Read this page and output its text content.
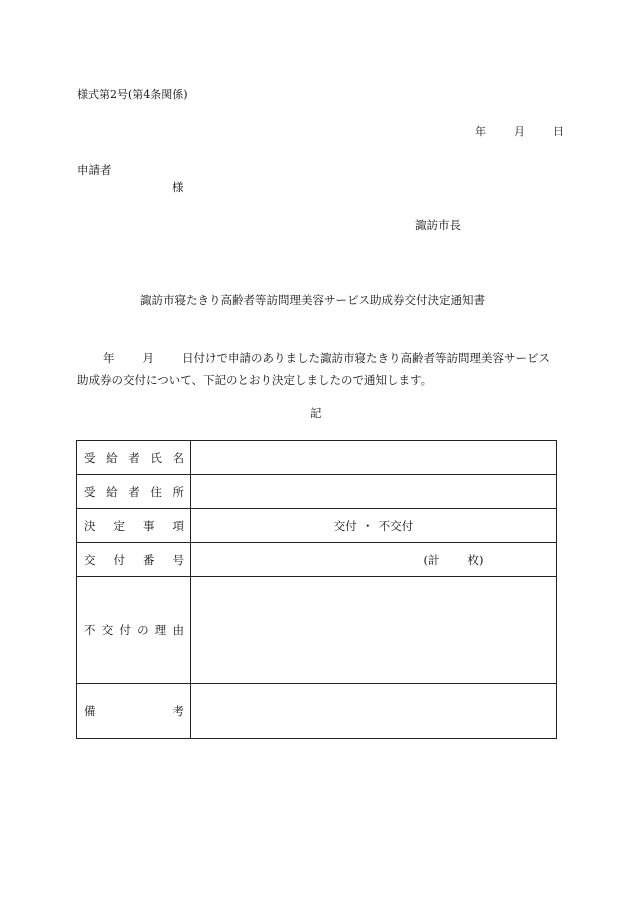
様式第2号(第4条関係)
年	月	日
申請者
様
諏訪市長
諏訪市寝たきり高齢者等訪問理美容サービス助成券交付決定通知書
年 月 日付けで申請のありました諏訪市寝たきり高齢者等訪問理美容サービス
助成券の交付について、下記のとおり決定しましたので通知します。
記
受給者氏名	
受給者住所	
決定事項	交付 ・ 不交付
交付番号	(計 枚)
不交付の理由	
備考	
